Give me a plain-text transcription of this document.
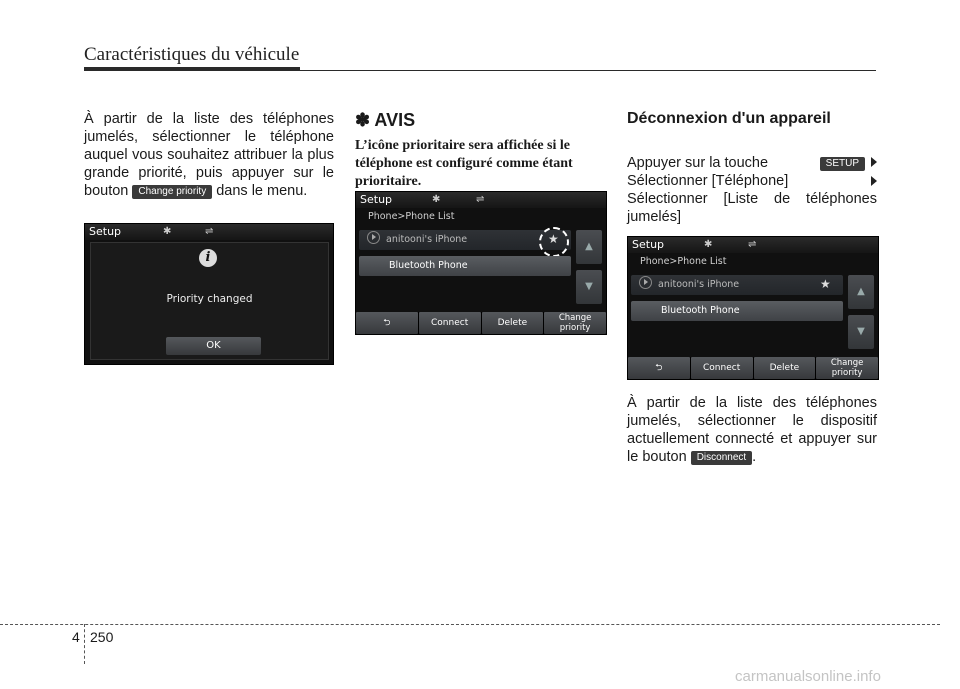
Caractéristiques du véhicule

À partir de la liste des téléphones jumelés, sélectionner le téléphone auquel vous souhaitez attribuer la plus grande priorité, puis appuyer sur le bouton Change priority dans le menu.

Setup	✱	⇌
i
Priority changed
OK
✽ AVIS

L’icône prioritaire sera affichée si le téléphone est configuré comme étant prioritaire.

Setup	✱	⇌
Phone>Phone List
anitooni's iPhone	★
Bluetooth Phone
▲
▼
⮌	Connect	Delete	Change
priority
Déconnexion d'un appareil
Appuyer sur la touche	SETUP
Sélectionner [Téléphone]

Sélectionner [Liste de téléphones jumelés]

Setup	✱	⇌
Phone>Phone List
anitooni's iPhone	★
Bluetooth Phone
▲
▼
⮌	Connect	Delete	Change
priority

À partir de la liste des téléphones jumelés, sélectionner le dispositif actuellement connecté et appuyer sur le bouton Disconnect .

4 250
carmanualsonline.info
